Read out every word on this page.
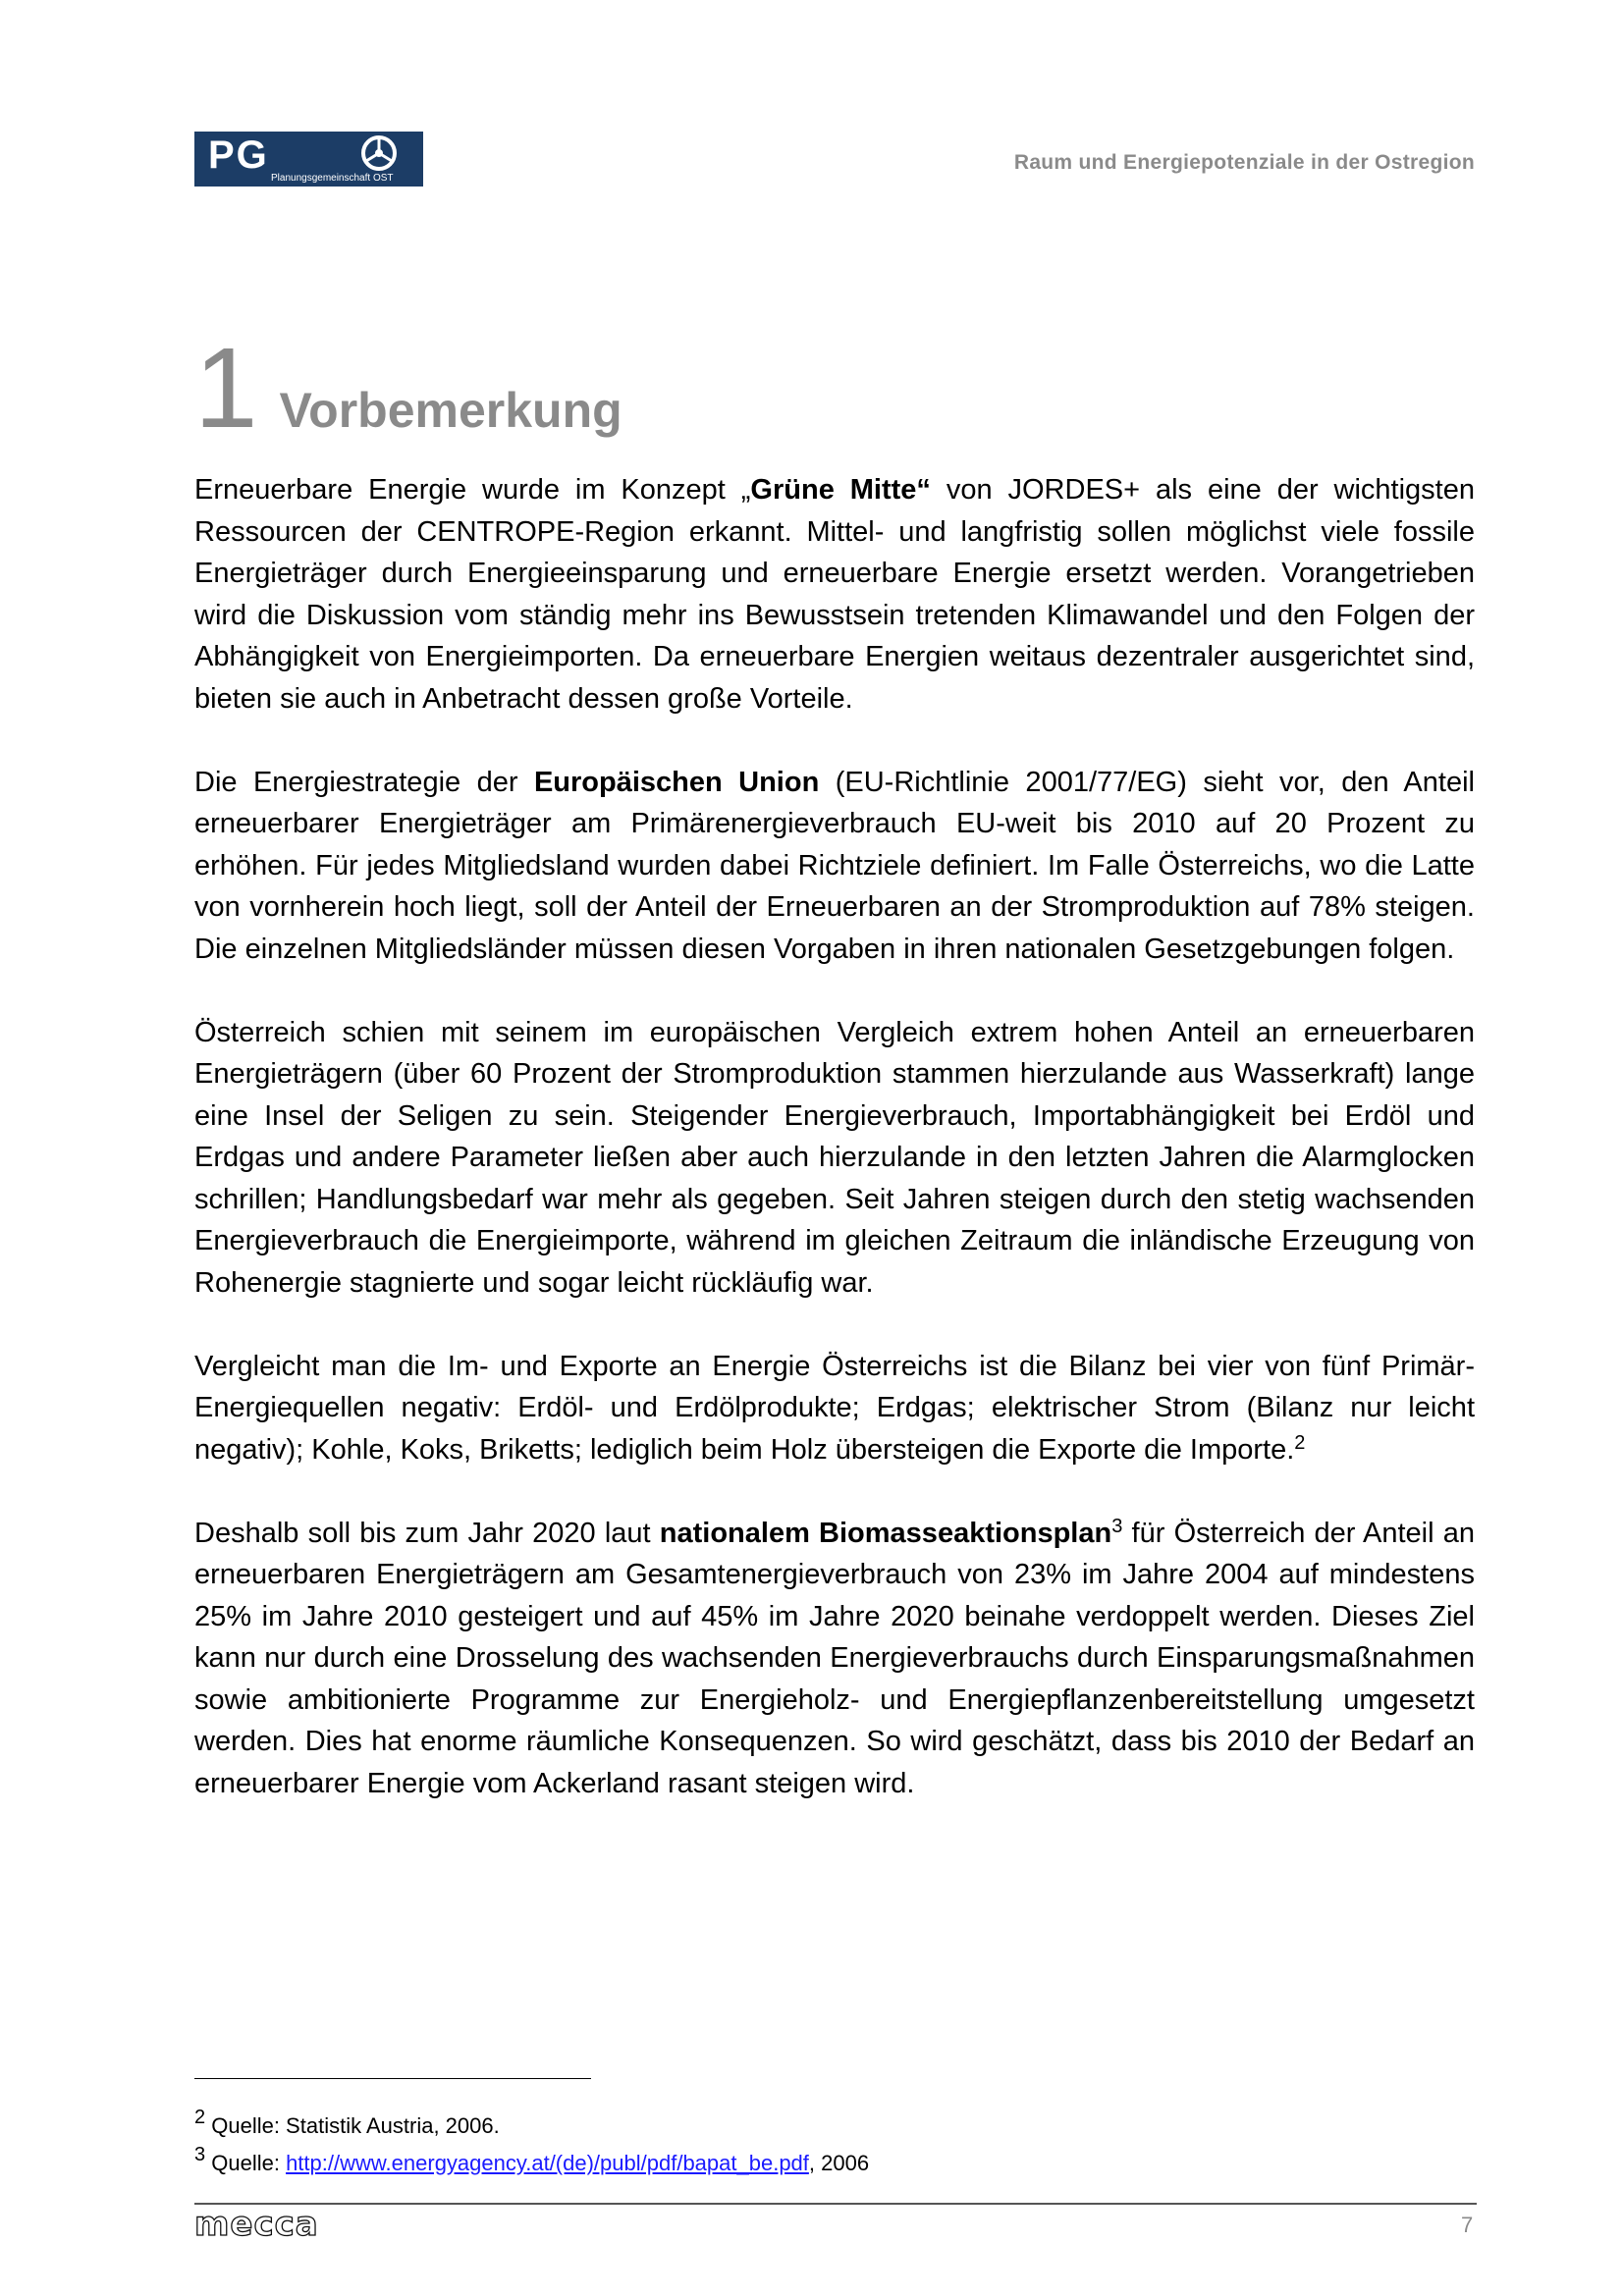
PG
Planungsgemeinschaft OST
Raum und Energiepotenziale in der Ostregion
1 Vorbemerkung

Erneuerbare Energie wurde im Konzept „Grüne Mitte“ von JORDES+ als eine der wichtigsten Ressourcen der CENTROPE-Region erkannt. Mittel- und langfristig sollen möglichst viele fossile Energieträger durch Energieeinsparung und erneuerbare Energie ersetzt werden. Vorangetrieben wird die Diskussion vom ständig mehr ins Bewusstsein tretenden Klimawandel und den Folgen der Abhängigkeit von Energieimporten. Da erneuerbare Energien weitaus dezentraler ausgerichtet sind, bieten sie auch in Anbetracht dessen große Vorteile.

Die Energiestrategie der Europäischen Union (EU-Richtlinie 2001/77/EG) sieht vor, den Anteil erneuerbarer Energieträger am Primärenergieverbrauch EU-weit bis 2010 auf 20 Prozent zu erhöhen. Für jedes Mitgliedsland wurden dabei Richtziele definiert. Im Falle Österreichs, wo die Latte von vornherein hoch liegt, soll der Anteil der Erneuerbaren an der Stromproduktion auf 78% steigen. Die einzelnen Mitgliedsländer müssen diesen Vorgaben in ihren nationalen Gesetzgebungen folgen.

Österreich schien mit seinem im europäischen Vergleich extrem hohen Anteil an erneuerbaren Energieträgern (über 60 Prozent der Stromproduktion stammen hierzulande aus Wasserkraft) lange eine Insel der Seligen zu sein. Steigender Energieverbrauch, Importabhängigkeit bei Erdöl und Erdgas und andere Parameter ließen aber auch hierzulande in den letzten Jahren die Alarmglocken schrillen; Handlungsbedarf war mehr als gegeben. Seit Jahren steigen durch den stetig wachsenden Energieverbrauch die Energieimporte, während im gleichen Zeitraum die inländische Erzeugung von Rohenergie stagnierte und sogar leicht rückläufig war.

Vergleicht man die Im- und Exporte an Energie Österreichs ist die Bilanz bei vier von fünf Primär-Energiequellen negativ: Erdöl- und Erdölprodukte; Erdgas; elektrischer Strom (Bilanz nur leicht negativ); Kohle, Koks, Briketts; lediglich beim Holz übersteigen die Exporte die Importe.$^2$

Deshalb soll bis zum Jahr 2020 laut nationalem Biomasseaktionsplan$^3$ für Österreich der Anteil an erneuerbaren Energieträgern am Gesamtenergieverbrauch von 23% im Jahre 2004 auf mindestens 25% im Jahre 2010 gesteigert und auf 45% im Jahre 2020 beinahe verdoppelt werden. Dieses Ziel kann nur durch eine Drosselung des wachsenden Energieverbrauchs durch Einsparungsmaßnahmen sowie ambitionierte Programme zur Energieholz- und Energiepflanzenbereitstellung umgesetzt werden. Dies hat enorme räumliche Konsequenzen. So wird geschätzt, dass bis 2010 der Bedarf an erneuerbarer Energie vom Ackerland rasant steigen wird.

$^2$ Quelle: Statistik Austria, 2006.
$^3$ Quelle: http://www.energyagency.at/(de)/publ/pdf/bapat_be.pdf, 2006
mecca	7
